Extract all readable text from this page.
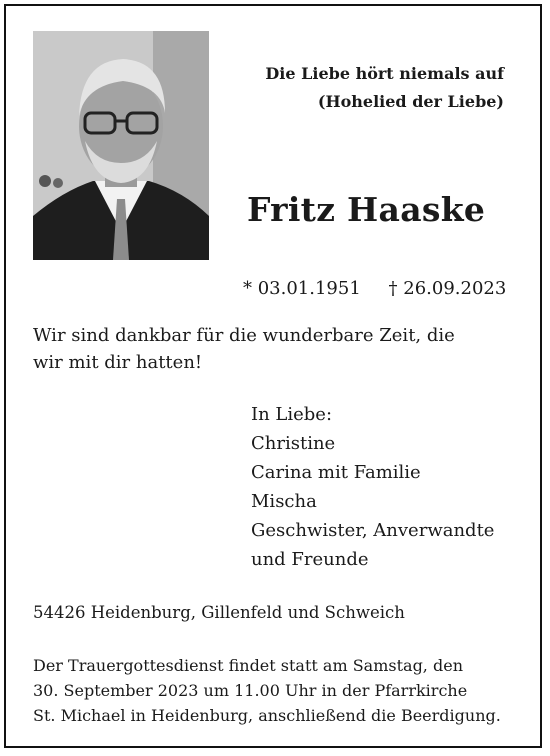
Die Liebe hört niemals auf
(Hohelied der Liebe)
Fritz Haaske
* 03.01.1951 † 26.09.2023
Wir sind dankbar für die wunderbare Zeit, die
wir mit dir hatten!
In Liebe:
Christine
Carina mit Familie
Mischa
Geschwister, Anverwandte
und Freunde
54426 Heidenburg, Gillenfeld und Schweich
Der Trauergottesdienst findet statt am Samstag, den
30. September 2023 um 11.00 Uhr in der Pfarrkirche
St. Michael in Heidenburg, anschließend die Beerdigung.
